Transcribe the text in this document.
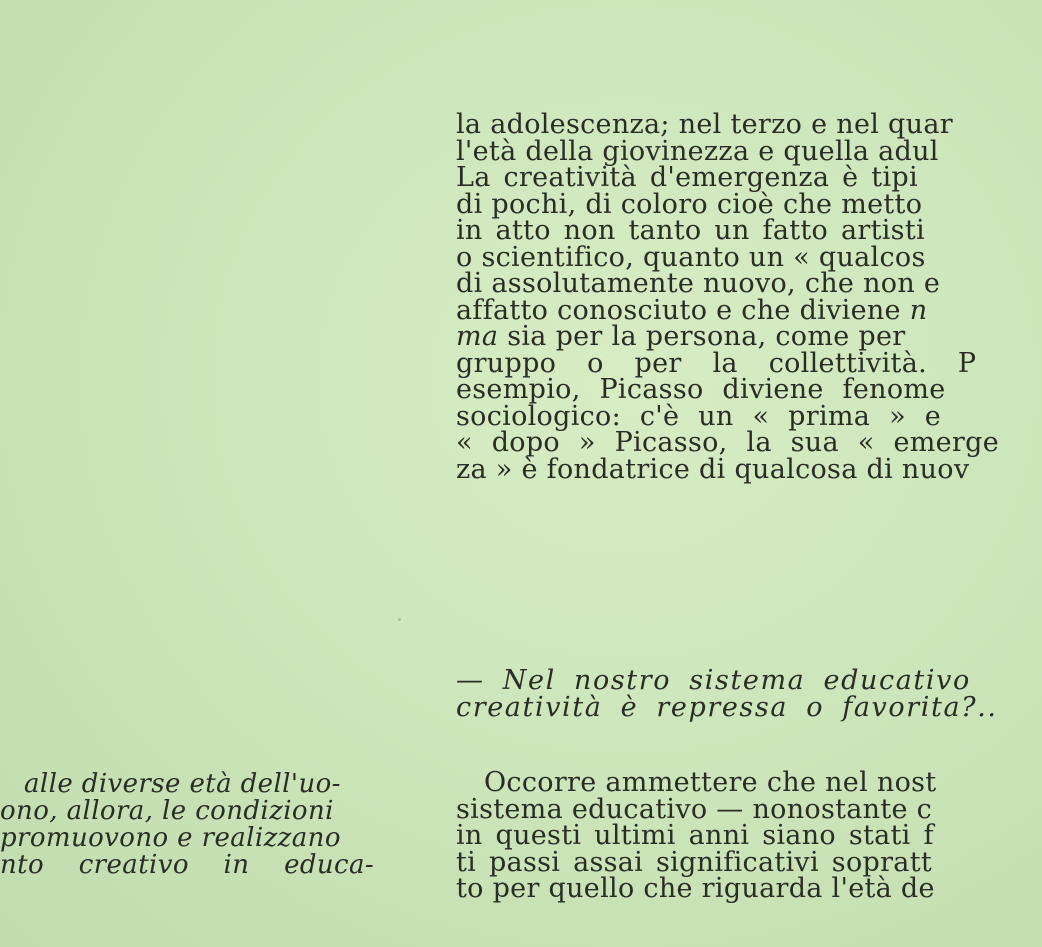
la adolescenza; nel terzo e nel quar
l'età della giovinezza e quella adul
La creatività d'emergenza è tipi
di pochi, di coloro cioè che metto
in atto non tanto un fatto artisti
o scientifico, quanto un « qualcos
di assolutamente nuovo, che non e
affatto conosciuto e che diviene n
ma sia per la persona, come per
gruppo o per la collettività. P
esempio, Picasso diviene fenome
sociologico: c'è un « prima » e
« dopo » Picasso, la sua « emerge
za » è fondatrice di qualcosa di nuov
— Nel nostro sistema educativo
creatività è repressa o favorita?..
Occorre ammettere che nel nost
sistema educativo — nonostante c
in questi ultimi anni siano stati f
ti passi assai significativi sopratt
to per quello che riguarda l'età de
alle diverse età dell'uo-
ono, allora, le condizioni
promuovono e realizzano
nto creativo in educa-
